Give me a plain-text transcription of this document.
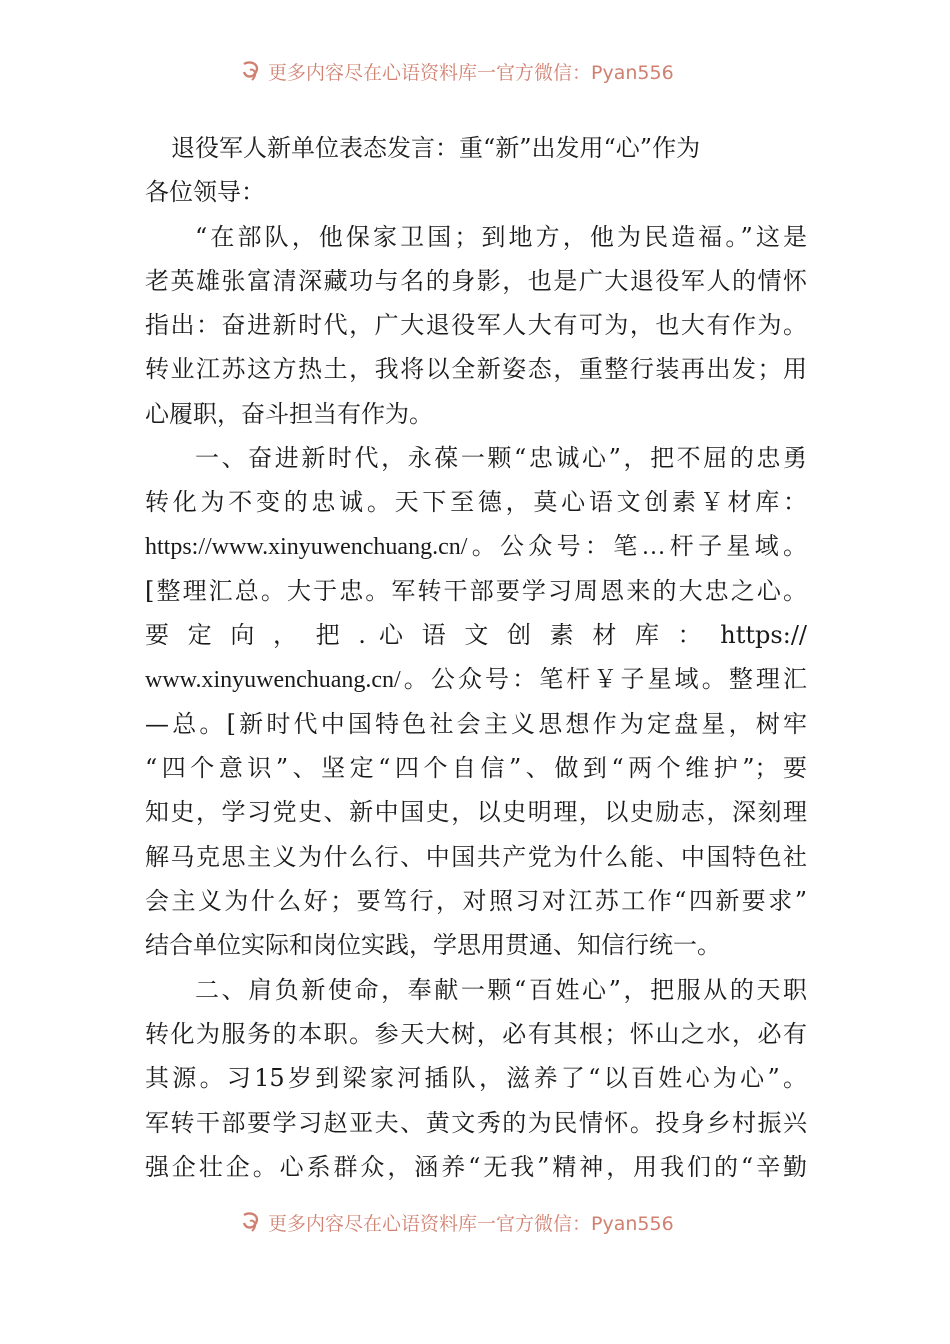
更多内容尽在心语资料库一官方微信：Pyan556
退役军人新单位表态发言：重“新”出发用“心”作为
各位领导：
“在部队，他保家卫国；到地方，他为民造福。”这是
老英雄张富清深藏功与名的身影，也是广大退役军人的情怀
指出：奋进新时代，广大退役军人大有可为，也大有作为。
转业江苏这方热土，我将以全新姿态，重整行装再出发；用
心履职，奋斗担当有作为。
一、奋进新时代，永葆一颗“忠诚心”，把不屈的忠勇
转化为不变的忠诚。天下至德，莫心语文创素￥材库：
https://www.xinyuwenchuang.cn/。公众号：笔…杆子星域。
[整理汇总。大于忠。军转干部要学习周恩来的大忠之心。
要 定 向 ， 把 . 心 语 文 创 素 材 库 ： https://
www.xinyuwenchuang.cn/。公众号：笔杆￥子星域。整理汇
—总。[新时代中国特色社会主义思想作为定盘星，树牢
“四个意识”、坚定“四个自信”、做到“两个维护”；要
知史，学习党史、新中国史，以史明理，以史励志，深刻理
解马克思主义为什么行、中国共产党为什么能、中国特色社
会主义为什么好；要笃行，对照习对江苏工作“四新要求”
结合单位实际和岗位实践，学思用贯通、知信行统一。
二、肩负新使命，奉献一颗“百姓心”，把服从的天职
转化为服务的本职。参天大树，必有其根；怀山之水，必有
其源。习15岁到梁家河插队，滋养了“以百姓心为心”。
军转干部要学习赵亚夫、黄文秀的为民情怀。投身乡村振兴
强企壮企。心系群众，涵养“无我”精神，用我们的“辛勤
更多内容尽在心语资料库一官方微信：Pyan556
